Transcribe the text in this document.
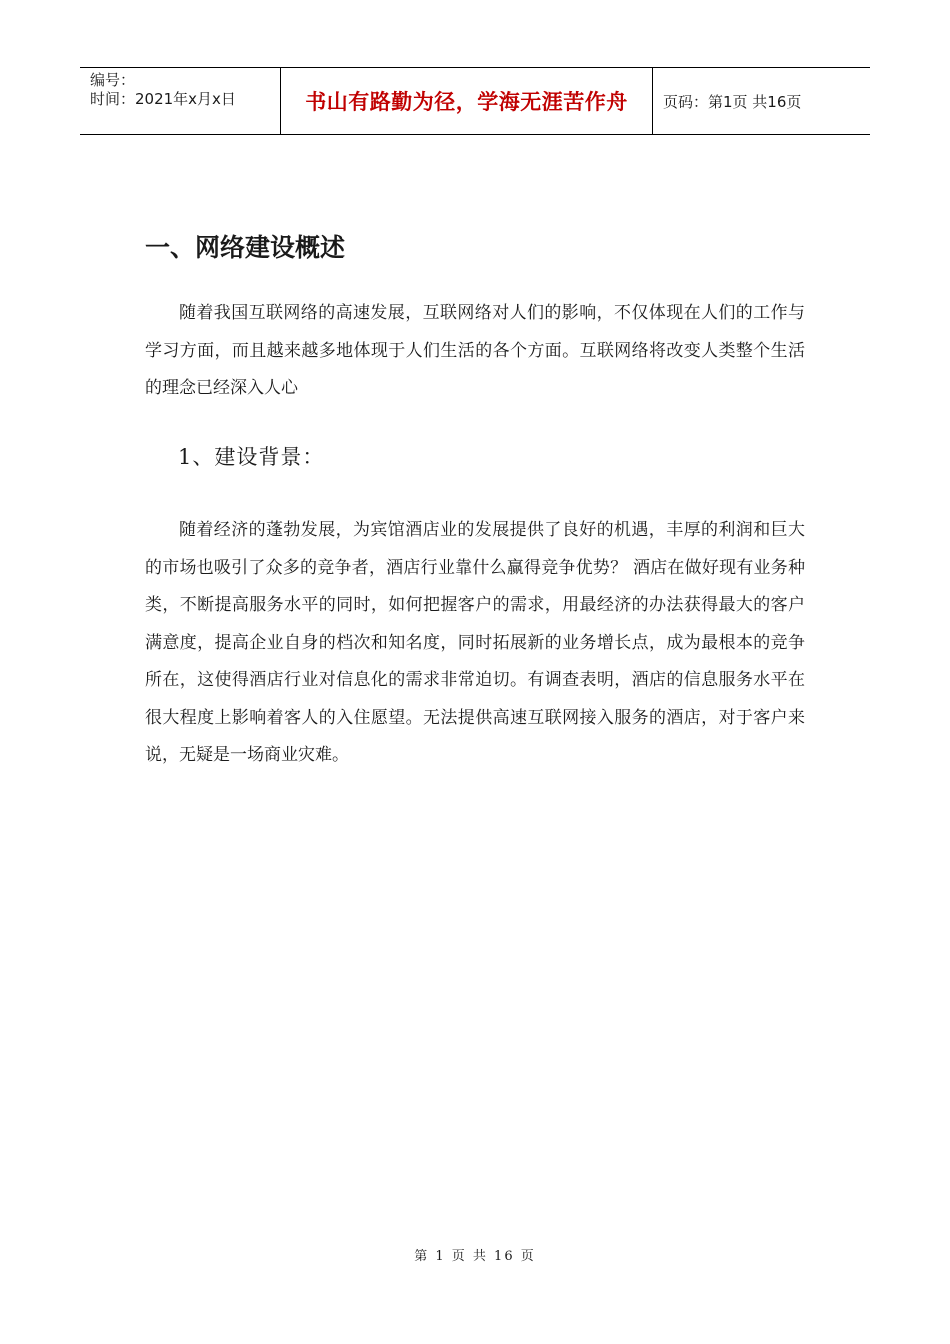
编号：
时间：2021年x月x日	书山有路勤为径，学海无涯苦作舟 页码：第1页 共16页
一、网络建设概述

随着我国互联网络的高速发展，互联网络对人们的影响，不仅体现在人们的工作与学习方面，而且越来越多地体现于人们生活的各个方面。互联网络将改变人类整个生活的理念已经深入人心

1、建设背景：

随着经济的蓬勃发展，为宾馆酒店业的发展提供了良好的机遇，丰厚的利润和巨大的市场也吸引了众多的竞争者，酒店行业靠什么赢得竞争优势？ 酒店在做好现有业务种类，不断提高服务水平的同时，如何把握客户的需求，用最经济的办法获得最大的客户满意度，提高企业自身的档次和知名度，同时拓展新的业务增长点，成为最根本的竞争所在，这使得酒店行业对信息化的需求非常迫切。有调查表明，酒店的信息服务水平在很大程度上影响着客人的入住愿望。无法提供高速互联网接入服务的酒店，对于客户来说，无疑是一场商业灾难。

第 1 页 共 16 页
